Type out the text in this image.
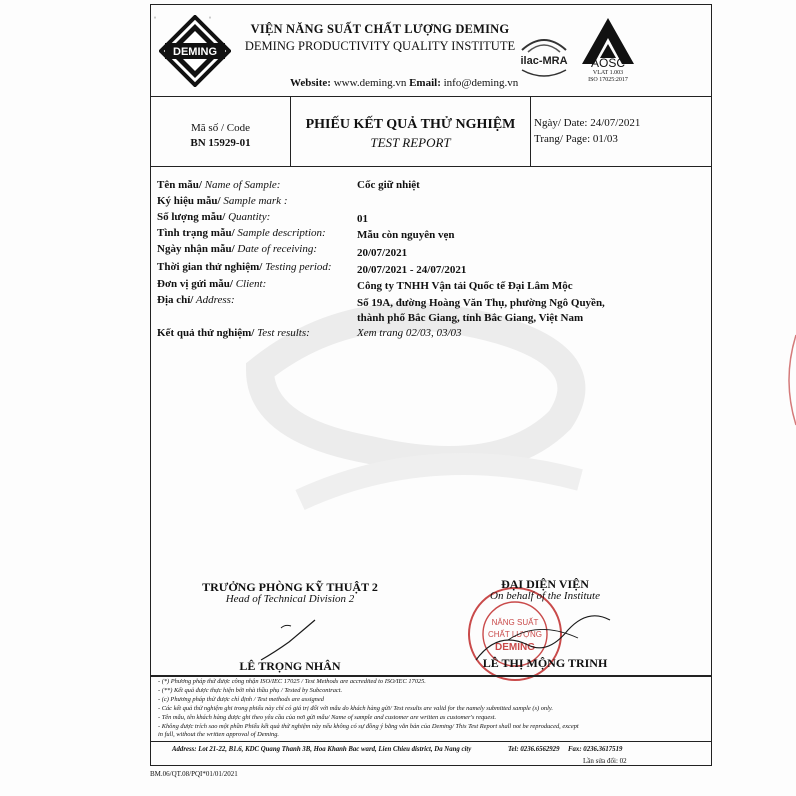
ˈ	ˈ
DEMING
VIỆN NĂNG SUẤT CHẤT LƯỢNG DEMING
DEMING PRODUCTIVITY QUALITY INSTITUTE
Website: www.deming.vn Email: info@deming.vn
ilac-MRA	AOSC
VLAT 1.003
ISO 17025:2017
Mã số / Code
BN 15929-01
PHIẾU KẾT QUẢ THỬ NGHIỆM
TEST REPORT
Ngày/ Date: 24/07/2021
Trang/ Page: 01/03
Tên mẫu/ Name of Sample:	Cốc giữ nhiệt
Ký hiệu mẫu/ Sample mark :
Số lượng mẫu/ Quantity:	01
Tình trạng mẫu/ Sample description:	Mẫu còn nguyên vẹn
Ngày nhận mẫu/ Date of receiving:	20/07/2021
Thời gian thử nghiệm/ Testing period: 20/07/2021 - 24/07/2021
Đơn vị gửi mẫu/ Client:	Công ty TNHH Vận tải Quốc tế Đại Lâm Mộc
Địa chỉ/ Address:	Số 19A, đường Hoàng Văn Thụ, phường Ngô Quyền,
thành phố Bắc Giang, tỉnh Bắc Giang, Việt Nam
Kết quả thử nghiệm/ Test results:	Xem trang 02/03, 03/03
TRƯỞNG PHÒNG KỸ THUẬT 2
Head of Technical Division 2
NĂNG SUẤT
CHẤT LƯỢNG
DEMING
ĐẠI DIỆN VIỆN
On behalf of the Institute
LÊ TRỌNG NHÂN	LÊ THỊ MỘNG TRINH
- (*) Phương pháp thử được công nhận ISO/IEC 17025 / Test Methods are accredited to ISO/IEC 17025.
- (**) Kết quả được thực hiện bởi nhà thầu phụ / Tested by Subcontract.
- (c) Phương pháp thử được chỉ định / Test methods are assigned
- Các kết quả thử nghiệm ghi trong phiếu này chỉ có giá trị đối với mẫu do khách hàng gửi/ Test results are valid for the namely submitted sample (s) only.
- Tên mẫu, tên khách hàng được ghi theo yêu cầu của nơi gửi mẫu/ Name of sample and customer are written as customer's request.
- Không được trích sao một phần Phiếu kết quả thử nghiệm này nếu không có sự đồng ý bằng văn bản của Deming/ This Test Report shall not be reproduced, except
in full, without the written approval of Deming.
Address: Lot 21-22, B1.6, KDC Quang Thanh 3B, Hoa Khanh Bac ward, Lien Chieu district, Da Nang city	Tel: 0236.6562929 Fax: 0236.3617519
Lần sửa đổi: 02
BM.06/QT.08/PQI*01/01/2021
